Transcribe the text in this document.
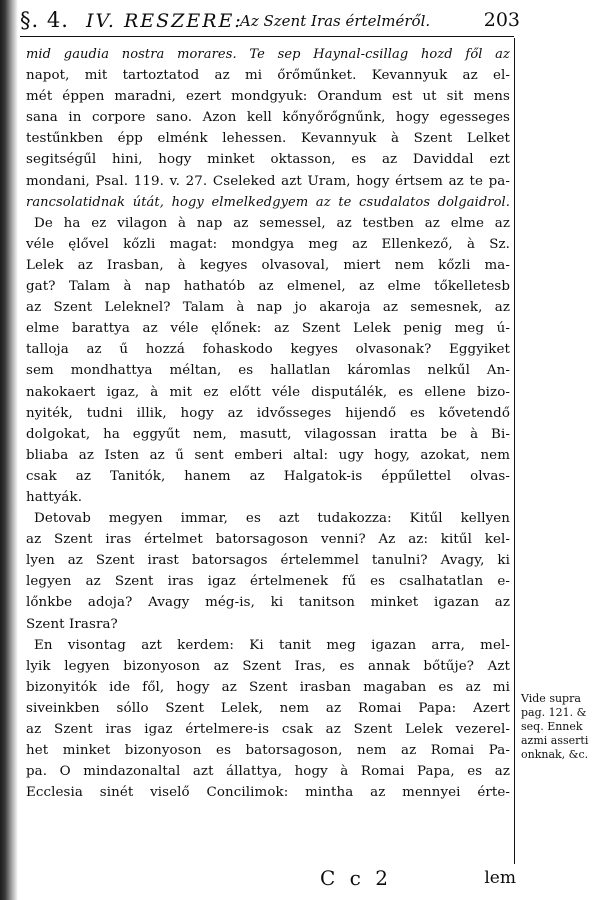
§. 4. IV. RESZERE:
Az Szent Iras értelméről.	203
mid gaudia nostra morares. Te sep Haynal-csillag hozd fől az
napot, mit tartoztatod az mi őrőműnket. Kevannyuk az el-
mét éppen maradni, ezert mondgyuk: Orandum est ut sit mens
sana in corpore sano. Azon kell kőnyőrőgnűnk, hogy egesseges
testűnkben épp elménk lehessen. Kevannyuk à Szent Lelket
segitségűl hini, hogy minket oktasson, es az Daviddal ezt
mondani, Psal. 119. v. 27. Cseleked azt Uram, hogy értsem az te pa-
rancsolatidnak útát, hogy elmelkedgyem az te csudalatos dolgaidrol.
De ha ez vilagon à nap az semessel, az testben az elme az
véle ęlővel kőzli magat: mondgya meg az Ellenkező, à Sz.
Lelek az Irasban, à kegyes olvasoval, miert nem kőzli ma-
gat? Talam à nap hathatób az elmenel, az elme tőkelletesb
az Szent Leleknel? Talam à nap jo akaroja az semesnek, az
elme barattya az véle ęlőnek: az Szent Lelek penig meg ú-
talloja az ű hozzá fohaskodo kegyes olvasonak? Eggyiket
sem mondhattya méltan, es hallatlan káromlas nelkűl An-
nakokaert igaz, à mit ez előtt véle disputálék, es ellene bizo-
nyiték, tudni illik, hogy az idvősseges hijendő es kővetendő
dolgokat, ha eggyűt nem, masutt, vilagossan iratta be à Bi-
bliaba az Isten az ű sent emberi altal: ugy hogy, azokat, nem
csak az Tanitók, hanem az Halgatok-is éppűlettel olvas-
hattyák.
Detovab megyen immar, es azt tudakozza: Kitűl kellyen
az Szent iras értelmet batorsagoson venni? Az az: kitűl kel-
lyen az Szent irast batorsagos értelemmel tanulni? Avagy, ki
legyen az Szent iras igaz értelmenek fű es csalhatatlan e-
lőnkbe adoja? Avagy még-is, ki tanitson minket igazan az
Szent Irasra?
En visontag azt kerdem: Ki tanit meg igazan arra, mel-
lyik legyen bizonyoson az Szent Iras, es annak bőtűje? Azt
bizonyitók ide fől, hogy az Szent irasban magaban es az mi
siveinkben sóllo Szent Lelek, nem az Romai Papa: Azert
az Szent iras igaz értelmere-is csak az Szent Lelek vezerel-
het minket bizonyoson es batorsagoson, nem az Romai Pa-
pa. O mindazonaltal azt állattya, hogy à Romai Papa, es az
Ecclesia sinét viselő Concilimok: mintha az mennyei érte-
Vide supra
pag. 121. &
seq. Ennek
azmi asserti
onknak, &c.
C c 2	lem
